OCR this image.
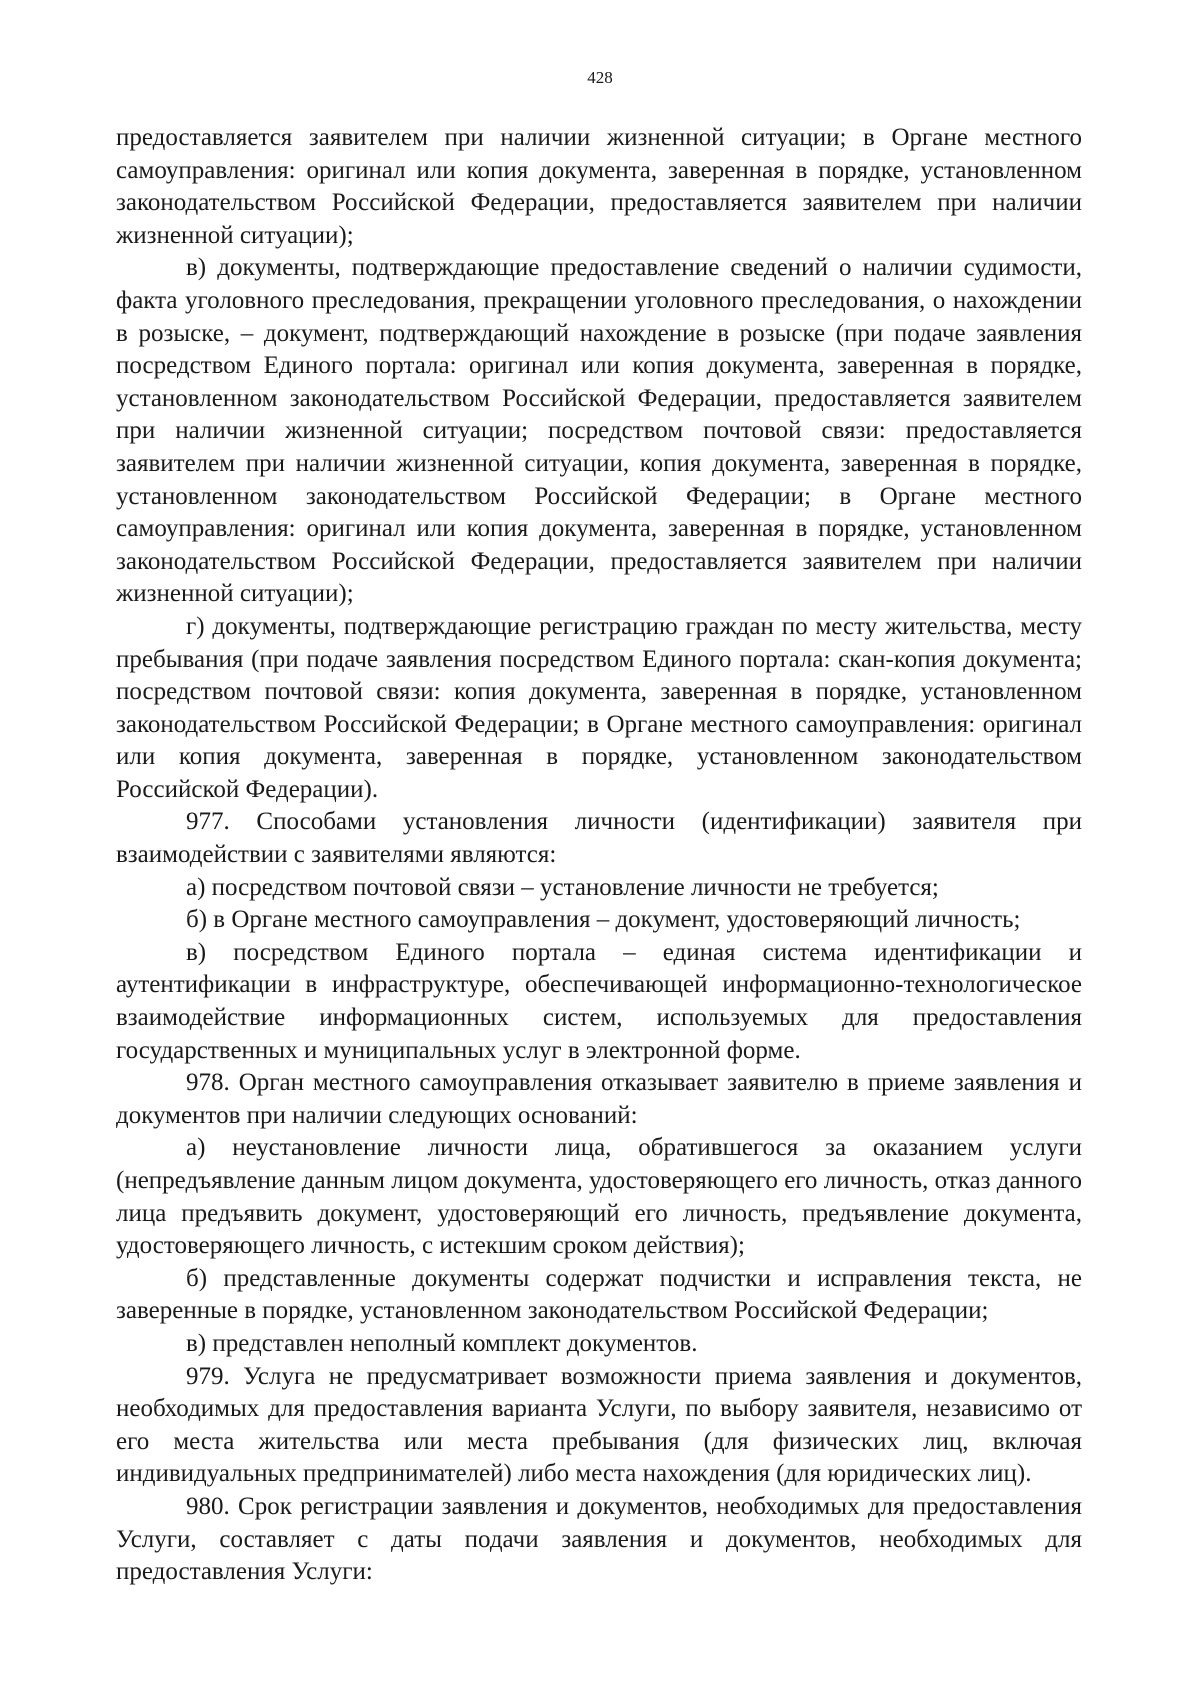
428

предоставляется заявителем при наличии жизненной ситуации; в Органе местного самоуправления: оригинал или копия документа, заверенная в порядке, установленном законодательством Российской Федерации, предоставляется заявителем при наличии жизненной ситуации);

в) документы, подтверждающие предоставление сведений о наличии судимости, факта уголовного преследования, прекращении уголовного преследования, о нахождении в розыске, – документ, подтверждающий нахождение в розыске (при подаче заявления посредством Единого портала: оригинал или копия документа, заверенная в порядке, установленном законодательством Российской Федерации, предоставляется заявителем при наличии жизненной ситуации; посредством почтовой связи: предоставляется заявителем при наличии жизненной ситуации, копия документа, заверенная в порядке, установленном законодательством Российской Федерации; в Органе местного самоуправления: оригинал или копия документа, заверенная в порядке, установленном законодательством Российской Федерации, предоставляется заявителем при наличии жизненной ситуации);

г) документы, подтверждающие регистрацию граждан по месту жительства, месту пребывания (при подаче заявления посредством Единого портала: скан-копия документа; посредством почтовой связи: копия документа, заверенная в порядке, установленном законодательством Российской Федерации; в Органе местного самоуправления: оригинал или копия документа, заверенная в порядке, установленном законодательством Российской Федерации).

977. Способами установления личности (идентификации) заявителя при взаимодействии с заявителями являются:

а) посредством почтовой связи – установление личности не требуется;

б) в Органе местного самоуправления – документ, удостоверяющий личность;

в) посредством Единого портала – единая система идентификации и аутентификации в инфраструктуре, обеспечивающей информационно-технологическое взаимодействие информационных систем, используемых для предоставления государственных и муниципальных услуг в электронной форме.

978. Орган местного самоуправления отказывает заявителю в приеме заявления и документов при наличии следующих оснований:

а) неустановление личности лица, обратившегося за оказанием услуги (непредъявление данным лицом документа, удостоверяющего его личность, отказ данного лица предъявить документ, удостоверяющий его личность, предъявление документа, удостоверяющего личность, с истекшим сроком действия);

б) представленные документы содержат подчистки и исправления текста, не заверенные в порядке, установленном законодательством Российской Федерации;

в) представлен неполный комплект документов.

979. Услуга не предусматривает возможности приема заявления и документов, необходимых для предоставления варианта Услуги, по выбору заявителя, независимо от его места жительства или места пребывания (для физических лиц, включая индивидуальных предпринимателей) либо места нахождения (для юридических лиц).

980. Срок регистрации заявления и документов, необходимых для предоставления Услуги, составляет с даты подачи заявления и документов, необходимых для предоставления Услуги:
